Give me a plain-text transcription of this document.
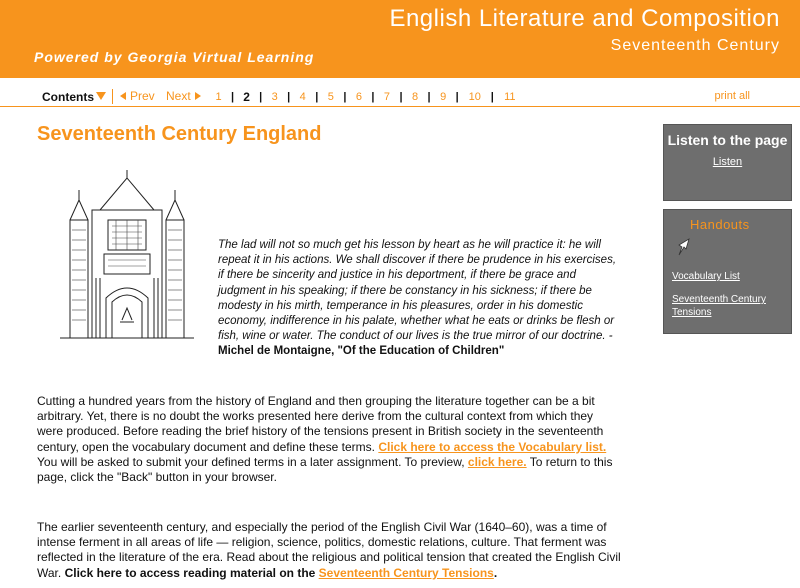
English Literature and Composition
Seventeenth Century
Powered by Georgia Virtual Learning
Contents	Prev Next 1 | 2 | 3 | 4 | 5 | 6 | 7 | 8 | 9 | 10 | 11	print all
Seventeenth Century England

The lad will not so much get his lesson by heart as he will practice it: he will repeat it in his actions. We shall discover if there be prudence in his exercises, if there be sincerity and justice in his deportment, if there be grace and judgment in his speaking; if there be constancy in his sickness; if there be modesty in his mirth, temperance in his pleasures, order in his domestic economy, indifference in his palate, whether what he eats or drinks be flesh or fish, wine or water. The conduct of our lives is the true mirror of our doctrine. - Michel de Montaigne, "Of the Education of Children"

Cutting a hundred years from the history of England and then grouping the literature together can be a bit arbitrary. Yet, there is no doubt the works presented here derive from the cultural context from which they were produced. Before reading the brief history of the tensions present in British society in the seventeenth century, open the vocabulary document and define these terms. Click here to access the Vocabulary list. You will be asked to submit your defined terms in a later assignment. To preview, click here. To return to this page, click the "Back" button in your browser.

The earlier seventeenth century, and especially the period of the English Civil War (1640–60), was a time of intense ferment in all areas of life — religion, science, politics, domestic relations, culture. That ferment was reflected in the literature of the era. Read about the religious and political tension that created the English Civil War. Click here to access reading material on the Seventeenth Century Tensions.

Listen to the page
Listen
Handouts
Vocabulary List
Seventeenth Century Tensions
